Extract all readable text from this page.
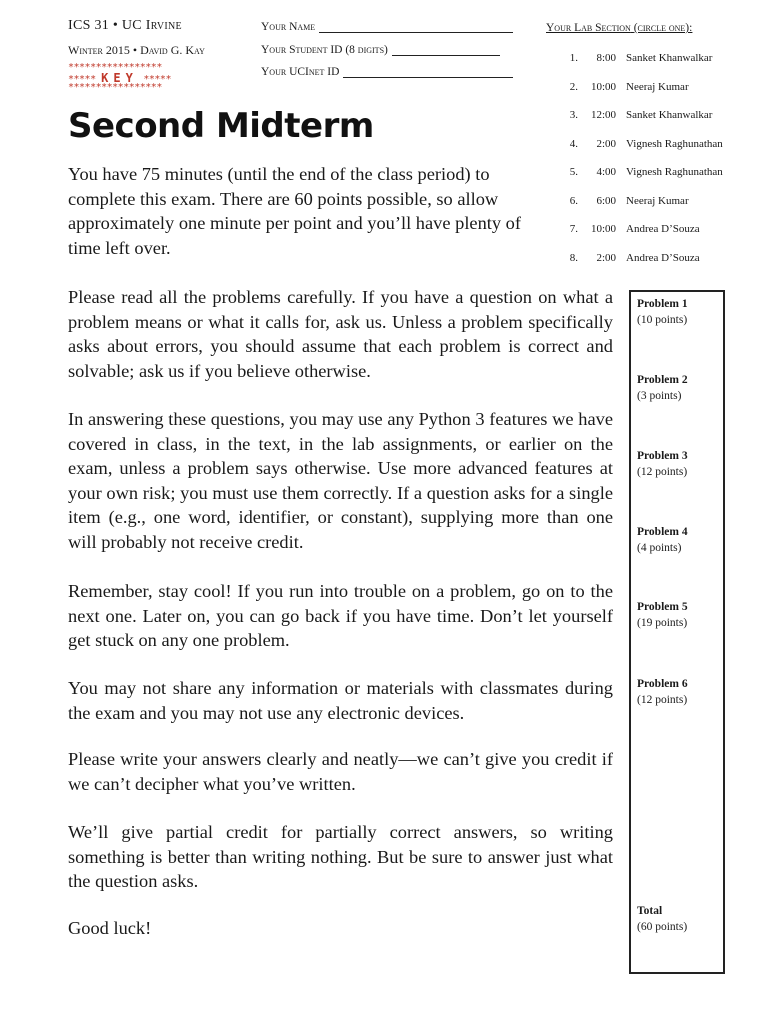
ICS 31 • UC Irvine
Winter 2015 • David G. Kay
*****************
***** KEY *****
*****************
Your Name
Your Student ID (8 digits)
Your UCInet ID
Your Lab Section (circle one):
1. 8:00 Sanket Khanwalkar
2. 10:00 Neeraj Kumar
3. 12:00 Sanket Khanwalkar
4. 2:00 Vignesh Raghunathan
5. 4:00 Vignesh Raghunathan
6. 6:00 Neeraj Kumar
7. 10:00 Andrea D’Souza
8. 2:00 Andrea D’Souza
Second Midterm
You have 75 minutes (until the end of the class period) to complete this exam. There are 60 points possible, so allow approximately one minute per point and you’ll have plenty of time left over.
Please read all the problems carefully. If you have a question on what a problem means or what it calls for, ask us. Unless a problem specifically asks about errors, you should assume that each problem is correct and solvable; ask us if you believe otherwise.
In answering these questions, you may use any Python 3 features we have covered in class, in the text, in the lab assignments, or earlier on the exam, unless a problem says otherwise. Use more advanced features at your own risk; you must use them correctly. If a question asks for a single item (e.g., one word, identifier, or constant), supplying more than one will probably not receive credit.
Remember, stay cool! If you run into trouble on a problem, go on to the next one. Later on, you can go back if you have time. Don’t let yourself get stuck on any one problem.
You may not share any information or materials with classmates during the exam and you may not use any electronic devices.
Please write your answers clearly and neatly—we can’t give you credit if we can’t decipher what you’ve written.
We’ll give partial credit for partially correct answers, so writing something is better than writing nothing. But be sure to answer just what the question asks.
Good luck!
Problem 1
(10 points)
Problem 2
(3 points)
Problem 3
(12 points)
Problem 4
(4 points)
Problem 5
(19 points)
Problem 6
(12 points)
Total
(60 points)
